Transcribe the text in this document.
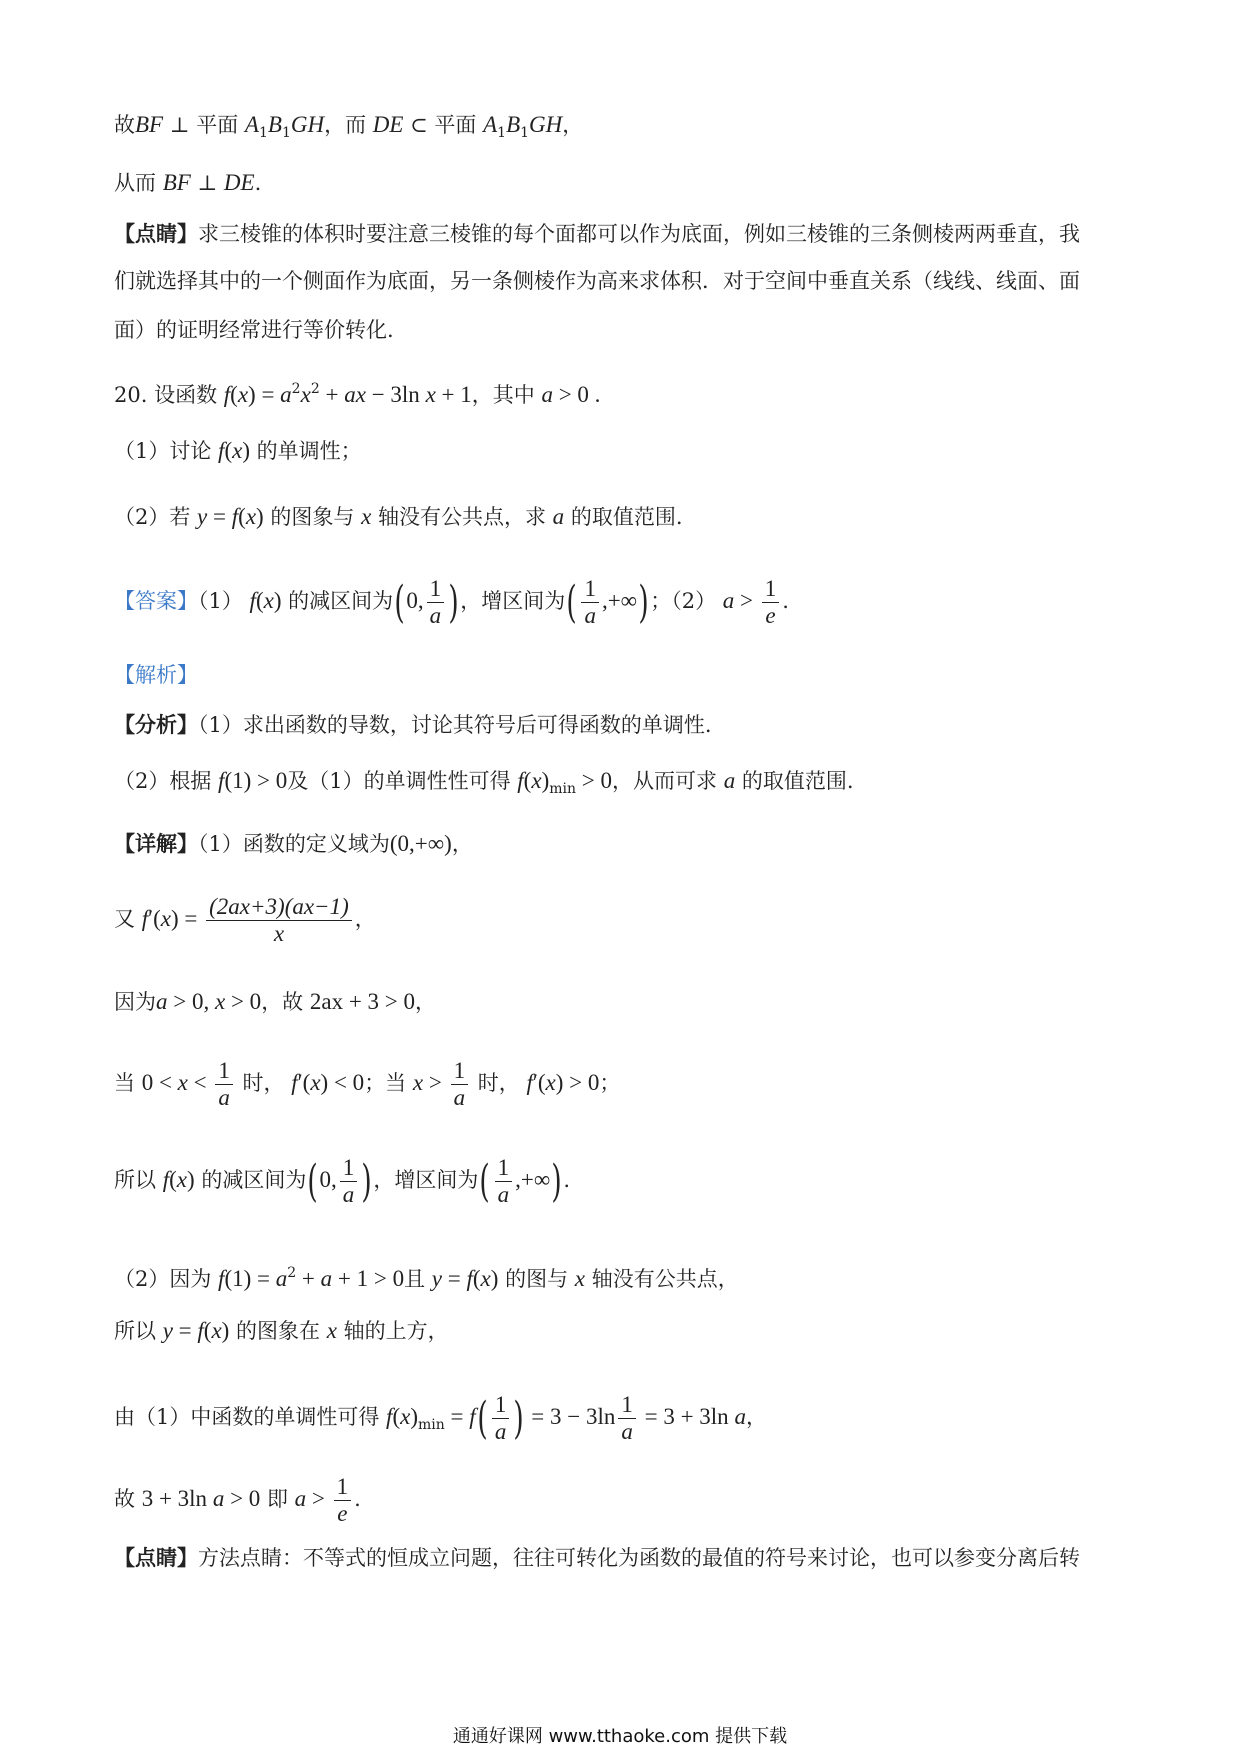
故BF ⊥ 平面 $A_1B_1GH$，而 DE ⊂ 平面 $A_1B_1GH$，
从而 BF ⊥ DE.
【点睛】求三棱锥的体积时要注意三棱锥的每个面都可以作为底面，例如三棱锥的三条侧棱两两垂直，我
们就选择其中的一个侧面作为底面，另一条侧棱作为高来求体积．对于空间中垂直关系（线线、线面、面
面）的证明经常进行等价转化.
20. 设函数 $f(x) = a^2x^2$ + ax − 3ln x + 1，其中 a > 0 .
（1）讨论 f(x) 的单调性；
（2）若 y = f(x) 的图象与 x 轴没有公共点，求 a 的取值范围.
【答案】（1） f(x) 的减区间为(0, $\frac{1}{a}$ )，增区间为( $\frac{1}{a}$ ,+∞)；（2） $a > \frac{1}{e}$ .
【解析】
【分析】（1）求出函数的导数，讨论其符号后可得函数的单调性.
（2）根据 f(1) > 0及（1）的单调性性可得 $f(x)_{min} > 0$，从而可求 a 的取值范围.
【详解】（1）函数的定义域为(0,+∞)，
又 $f'(x) = \frac{(2ax+3)(ax-1)}{x}$ ，
因为a > 0, x > 0，故 2ax + 3 > 0，
当 $0 < x < \frac{1}{a}$ 时， f′(x) < 0；当 $x > \frac{1}{a}$ 时， f′(x) > 0；
所以 f(x) 的减区间为(0, $\frac{1}{a}$ )，增区间为( $\frac{1}{a}$ ,+∞).
（2）因为 $f(1) = a^2 + a + 1 > 0$且 y = f(x) 的图与 x 轴没有公共点，
所以 y = f(x) 的图象在 x 轴的上方，
由（1）中函数的单调性可得 $f(x)_{min} = f( \frac{1}{a}$ ) = $3 - 3\ln \frac{1}{a} = 3 + 3\ln$ a，
故 3 + 3ln a > 0 即 $a > \frac{1}{e}$ .
【点睛】方法点睛：不等式的恒成立问题，往往可转化为函数的最值的符号来讨论，也可以参变分离后转
通通好课网 www.tthaoke.com 提供下载
